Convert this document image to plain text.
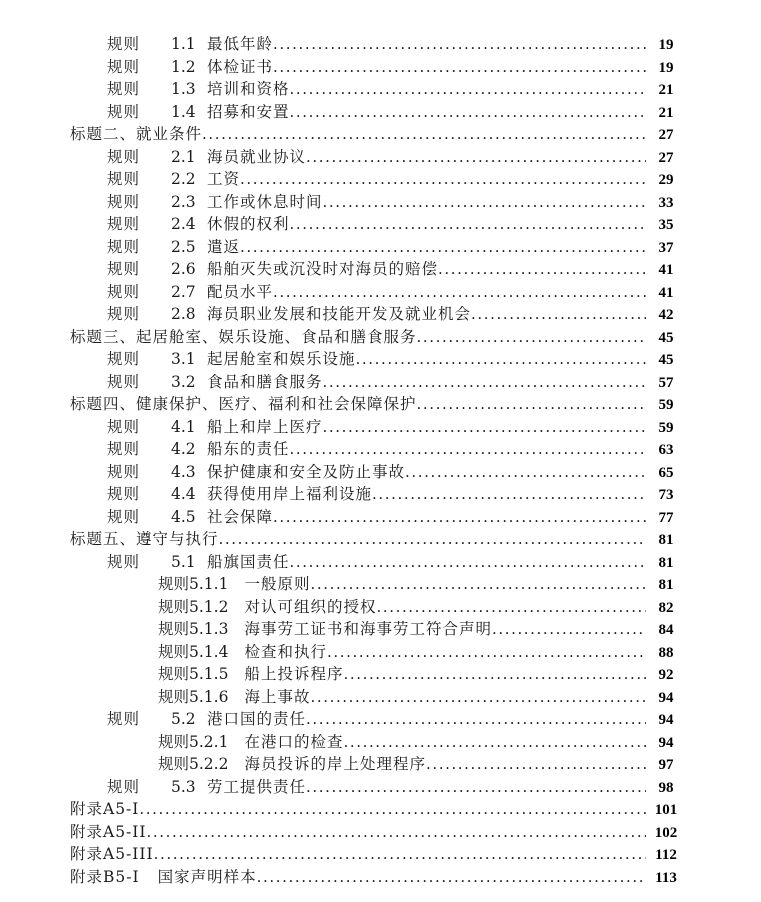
规则	1.1 最低年龄 .....	19
规则	1.2 体检证书 .....	19
规则	1.3 培训和资格 .....	21
规则	1.4 招募和安置 .....	21
标题二、就业条件 .....	27
规则	2.1 海员就业协议 .....	27
规则	2.2 工资 .....	29
规则	2.3 工作或休息时间 .....	33
规则	2.4 休假的权利 .....	35
规则	2.5 遣返 .....	37
规则	2.6 船舶灭失或沉没时对海员的赔偿 .....	41
规则	2.7 配员水平 .....	41
规则	2.8 海员职业发展和技能开发及就业机会 .....	42
标题三、起居舱室、娱乐设施、食品和膳食服务 .....	45
规则	3.1 起居舱室和娱乐设施 .....	45
规则	3.2 食品和膳食服务 .....	57
标题四、健康保护、医疗、福利和社会保障保护 .....	59
规则	4.1 船上和岸上医疗 .....	59
规则	4.2 船东的责任 .....	63
规则	4.3 保护健康和安全及防止事故 .....	65
规则	4.4 获得使用岸上福利设施 .....	73
规则	4.5 社会保障 .....	77
标题五、遵守与执行 .....	81
规则	5.1 船旗国责任 .....	81
规则5.1.1 一般原则 .....	81
规则5.1.2 对认可组织的授权 .....	82
规则5.1.3 海事劳工证书和海事劳工符合声明 .....	84
规则5.1.4 检查和执行 .....	88
规则5.1.5 船上投诉程序 .....	92
规则5.1.6 海上事故 .....	94
规则	5.2 港口国的责任 .....	94
规则5.2.1 在港口的检查 .....	94
规则5.2.2 海员投诉的岸上处理程序 .....	97
规则	5.3 劳工提供责任 .....	98
附录A5-I .....	101
附录A5-II .....	102
附录A5-III .....	112
附录B5-I 国家声明样本 .....	113
